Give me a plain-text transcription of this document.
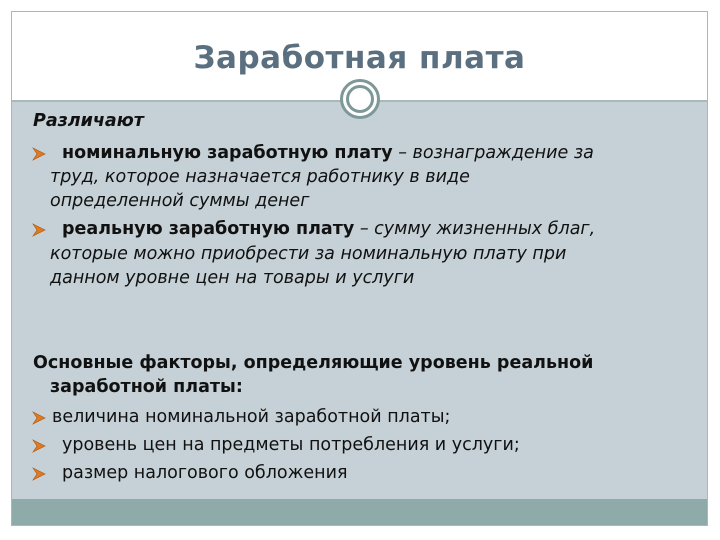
Заработная плата
Различают
номинальную заработную плату – вознаграждение за
труд, которое назначается работнику в виде
определенной суммы денег
реальную заработную плату – сумму жизненных благ,
которые можно приобрести за номинальную плату при
данном уровне цен на товары и услуги
Основные факторы, определяющие уровень реальной
заработной платы:
величина номинальной заработной платы;
уровень цен на предметы потребления и услуги;
размер налогового обложения
